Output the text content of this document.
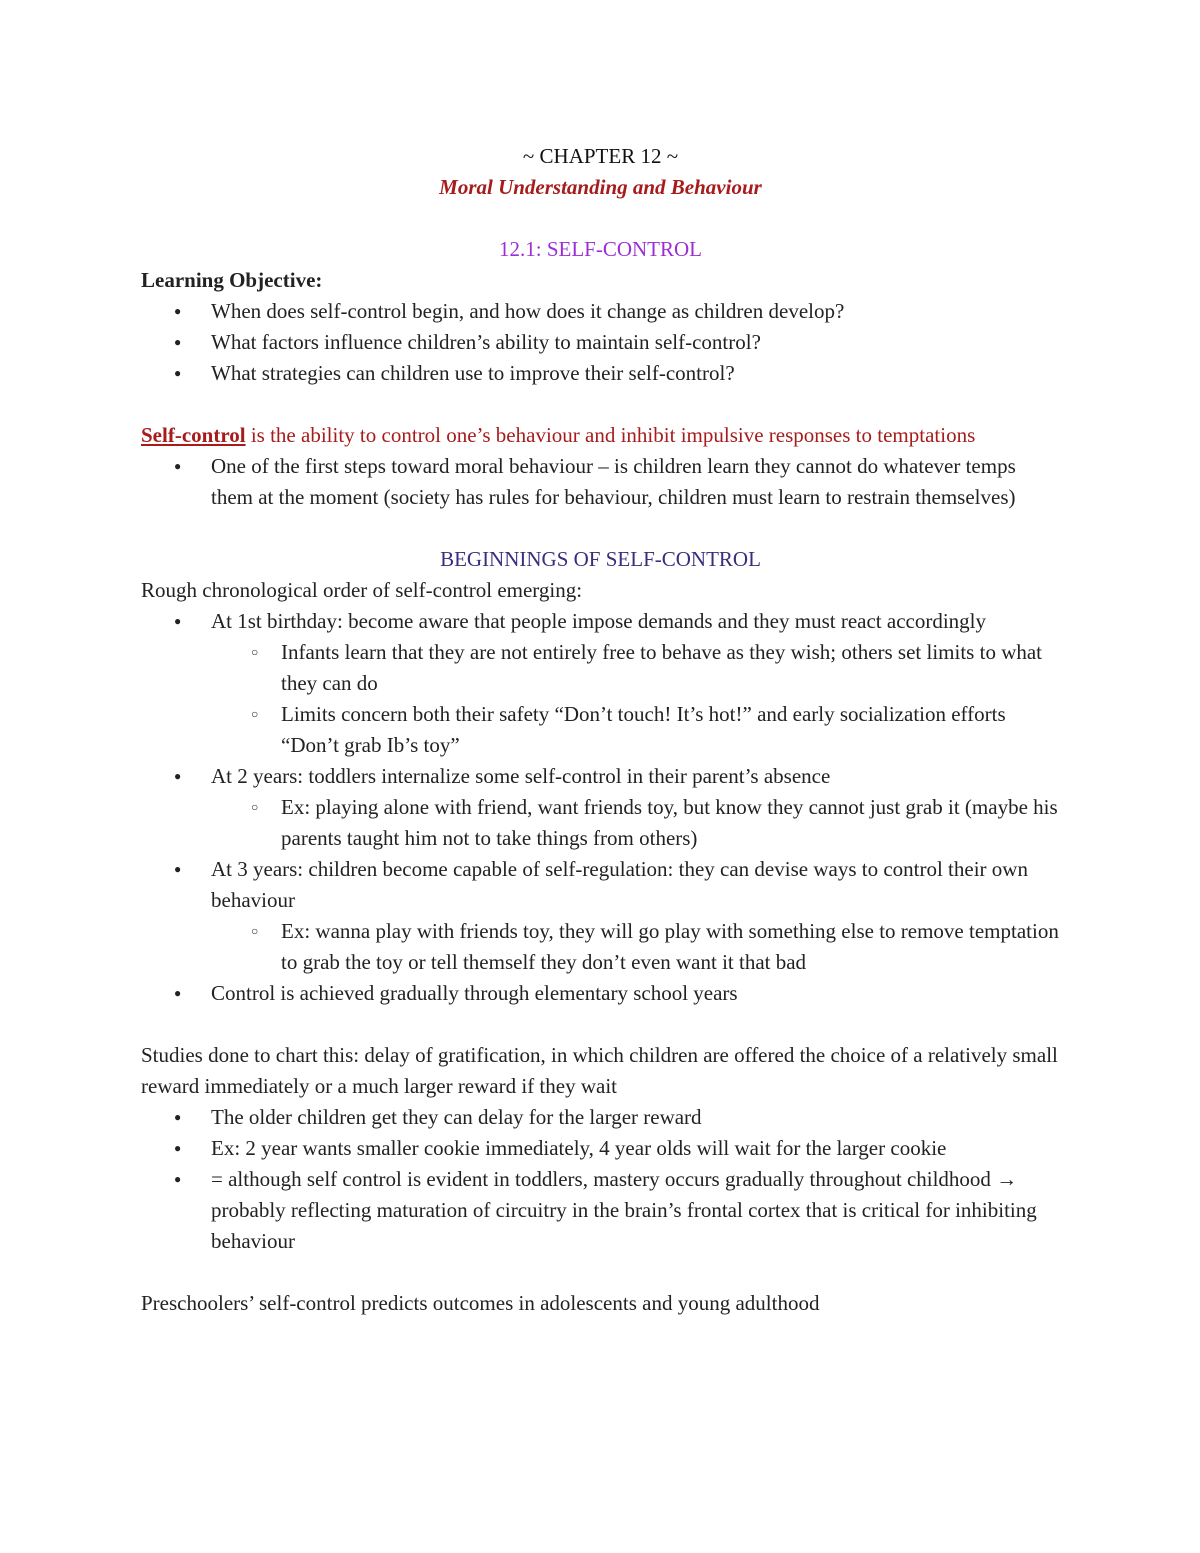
~ CHAPTER 12 ~

Moral Understanding and Behaviour

12.1: SELF-CONTROL

Learning Objective:

● When does self-control begin, and how does it change as children develop?
● What factors influence children’s ability to maintain self-control?
● What strategies can children use to improve their self-control?

Self-control is the ability to control one’s behaviour and inhibit impulsive responses to temptations

● One of the first steps toward moral behaviour – is children learn they cannot do whatever temps them at the moment (society has rules for behaviour, children must learn to restrain themselves)

BEGINNINGS OF SELF-CONTROL

Rough chronological order of self-control emerging:

● At 1st birthday: become aware that people impose demands and they must react accordingly
○ Infants learn that they are not entirely free to behave as they wish; others set limits to what they can do
○ Limits concern both their safety “Don’t touch! It’s hot!” and early socialization efforts “Don’t grab Ib’s toy”
● At 2 years: toddlers internalize some self-control in their parent’s absence
○ Ex: playing alone with friend, want friends toy, but know they cannot just grab it (maybe his parents taught him not to take things from others)
● At 3 years: children become capable of self-regulation: they can devise ways to control their own behaviour
○ Ex: wanna play with friends toy, they will go play with something else to remove temptation to grab the toy or tell themself they don’t even want it that bad
● Control is achieved gradually through elementary school years

Studies done to chart this: delay of gratification, in which children are offered the choice of a relatively small reward immediately or a much larger reward if they wait

● The older children get they can delay for the larger reward
● Ex: 2 year wants smaller cookie immediately, 4 year olds will wait for the larger cookie
● = although self control is evident in toddlers, mastery occurs gradually throughout childhood → probably reflecting maturation of circuitry in the brain’s frontal cortex that is critical for inhibiting behaviour

Preschoolers’ self-control predicts outcomes in adolescents and young adulthood
